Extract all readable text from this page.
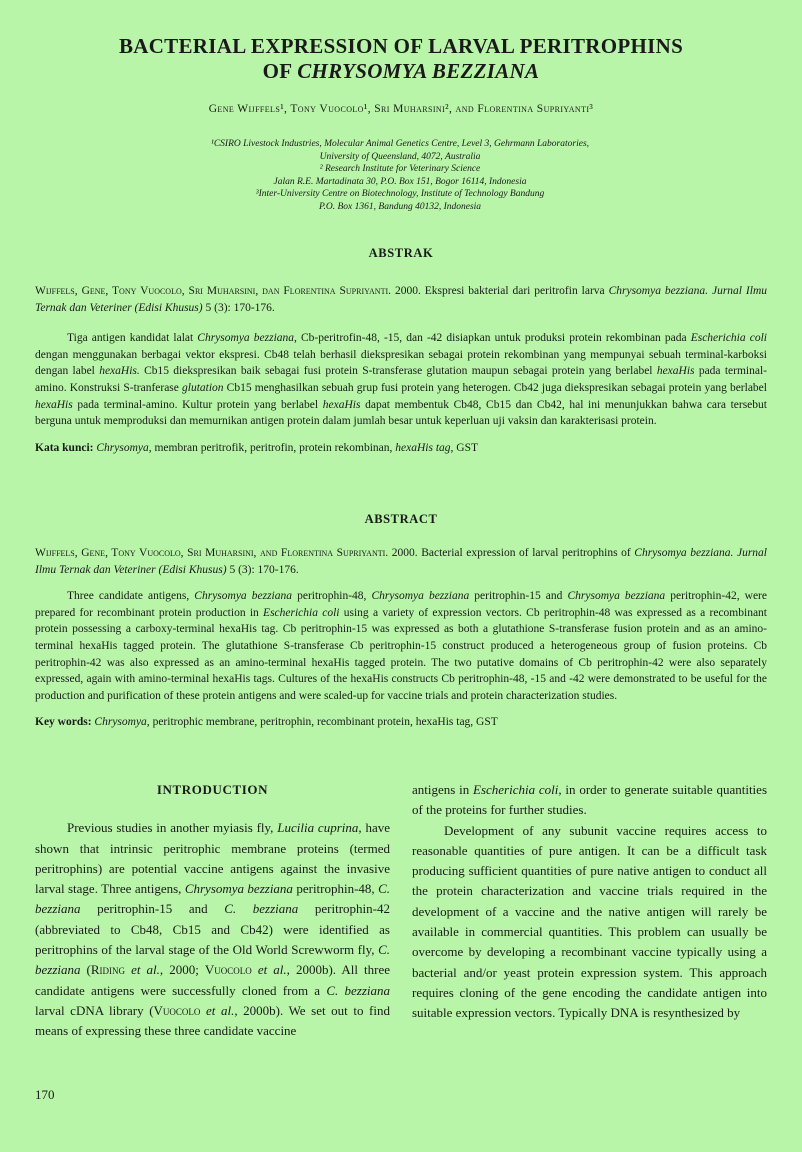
BACTERIAL EXPRESSION OF LARVAL PERITROPHINS
OF CHRYSOMYA BEZZIANA
Gene Wijffels¹, Tony Vuocolo¹, Sri Muharsini², and Florentina Supriyanti³
¹CSIRO Livestock Industries, Molecular Animal Genetics Centre, Level 3, Gehrmann Laboratories,
University of Queensland, 4072, Australia
² Research Institute for Veterinary Science
Jalan R.E. Martadinata 30, P.O. Box 151, Bogor 16114, Indonesia
³Inter-University Centre on Biotechnology, Institute of Technology Bandung
P.O. Box 1361, Bandung 40132, Indonesia
ABSTRAK

Wijffels, Gene, Tony Vuocolo, Sri Muharsini, dan Florentina Supriyanti. 2000. Ekspresi bakterial dari peritrofin larva Chrysomya bezziana. Jurnal Ilmu Ternak dan Veteriner (Edisi Khusus) 5 (3): 170-176.

Tiga antigen kandidat lalat Chrysomya bezziana, Cb-peritrofin-48, -15, dan -42 disiapkan untuk produksi protein rekombinan pada Escherichia coli dengan menggunakan berbagai vektor ekspresi. Cb48 telah berhasil diekspresikan sebagai protein rekombinan yang mempunyai sebuah terminal-karboksi dengan label hexaHis. Cb15 diekspresikan baik sebagai fusi protein S-transferase glutation maupun sebagai protein yang berlabel hexaHis pada terminal-amino. Konstruksi S-tranferase glutation Cb15 menghasilkan sebuah grup fusi protein yang heterogen. Cb42 juga diekspresikan sebagai protein yang berlabel hexaHis pada terminal-amino. Kultur protein yang berlabel hexaHis dapat membentuk Cb48, Cb15 dan Cb42, hal ini menunjukkan bahwa cara tersebut berguna untuk memproduksi dan memurnikan antigen protein dalam jumlah besar untuk keperluan uji vaksin dan karakterisasi protein.

Kata kunci: Chrysomya, membran peritrofik, peritrofin, protein rekombinan, hexaHis tag, GST

ABSTRACT

Wijffels, Gene, Tony Vuocolo, Sri Muharsini, and Florentina Supriyanti. 2000. Bacterial expression of larval peritrophins of Chrysomya bezziana. Jurnal Ilmu Ternak dan Veteriner (Edisi Khusus) 5 (3): 170-176.

Three candidate antigens, Chrysomya bezziana peritrophin-48, Chrysomya bezziana peritrophin-15 and Chrysomya bezziana peritrophin-42, were prepared for recombinant protein production in Escherichia coli using a variety of expression vectors. Cb peritrophin-48 was expressed as a recombinant protein possessing a carboxy-terminal hexaHis tag. Cb peritrophin-15 was expressed as both a glutathione S-transferase fusion protein and as an amino-terminal hexaHis tagged protein. The glutathione S-transferase Cb peritrophin-15 construct produced a heterogeneous group of fusion proteins. Cb peritrophin-42 was also expressed as an amino-terminal hexaHis tagged protein. The two putative domains of Cb peritrophin-42 were also separately expressed, again with amino-terminal hexaHis tags. Cultures of the hexaHis constructs Cb peritrophin-48, -15 and -42 were demonstrated to be useful for the production and purification of these protein antigens and were scaled-up for vaccine trials and protein characterization studies.

Key words: Chrysomya, peritrophic membrane, peritrophin, recombinant protein, hexaHis tag, GST

INTRODUCTION

Previous studies in another myiasis fly, Lucilia cuprina, have shown that intrinsic peritrophic membrane proteins (termed peritrophins) are potential vaccine antigens against the invasive larval stage. Three antigens, Chrysomya bezziana peritrophin-48, C. bezziana peritrophin-15 and C. bezziana peritrophin-42 (abbreviated to Cb48, Cb15 and Cb42) were identified as peritrophins of the larval stage of the Old World Screwworm fly, C. bezziana (Riding et al., 2000; Vuocolo et al., 2000b). All three candidate antigens were successfully cloned from a C. bezziana larval cDNA library (Vuocolo et al., 2000b). We set out to find means of expressing these three candidate vaccine

antigens in Escherichia coli, in order to generate suitable quantities of the proteins for further studies.

Development of any subunit vaccine requires access to reasonable quantities of pure antigen. It can be a difficult task producing sufficient quantities of pure native antigen to conduct all the protein characterization and vaccine trials required in the development of a vaccine and the native antigen will rarely be available in commercial quantities. This problem can usually be overcome by developing a recombinant vaccine typically using a bacterial and/or yeast protein expression system. This approach requires cloning of the gene encoding the candidate antigen into suitable expression vectors. Typically DNA is resynthesized by

170
